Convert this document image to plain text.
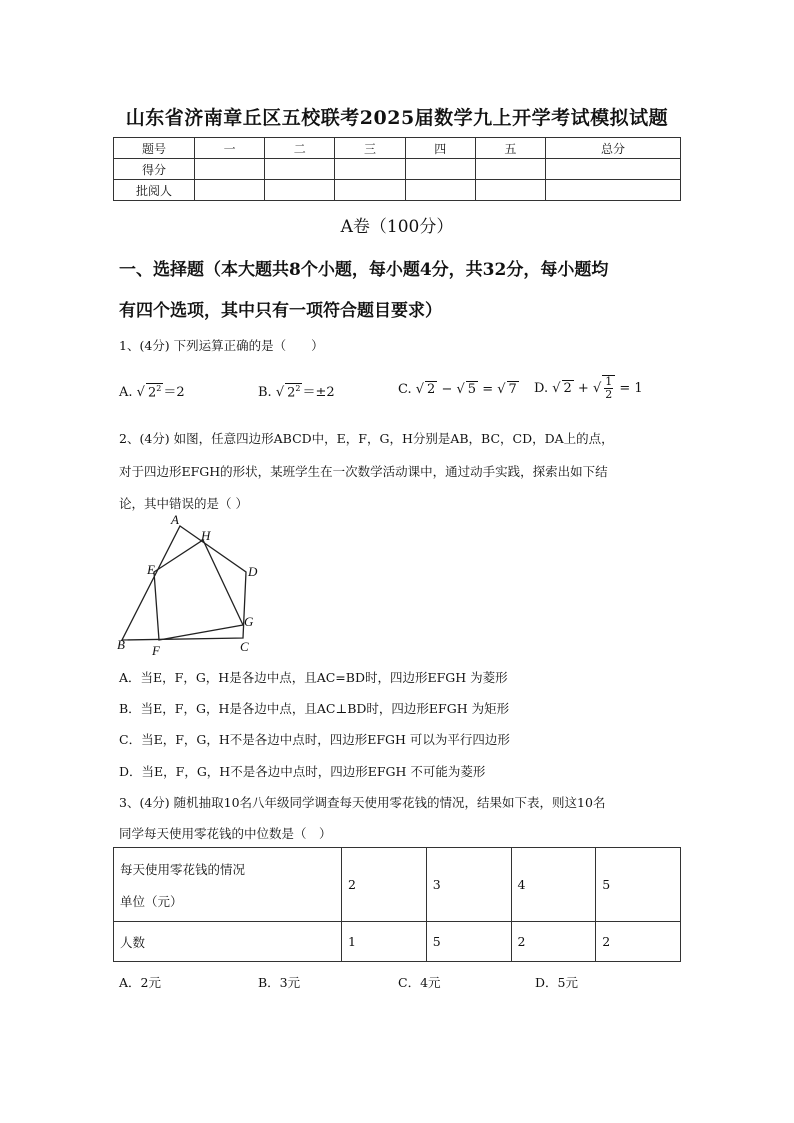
山东省济南章丘区五校联考2025届数学九上开学考试模拟试题
题号	一	二	三	四	五	总分
得分						
批阅人						
A卷（100分）
一、选择题（本大题共8个小题，每小题4分，共32分，每小题均
有四个选项，其中只有一项符合题目要求）
1、(4分) 下列运算正确的是（　　）
A. √ $2^2 =2$	B. √ $2^2 =\pm 2$	C. √ 2 − √ 5 = √ 7 D. √ 2 + √ $\frac{1}{2} = 1$
2、(4分) 如图，任意四边形ABCD中，E，F，G，H分别是AB，BC，CD，DA上的点，
对于四边形EFGH的形状，某班学生在一次数学活动课中，通过动手实践，探索出如下结
论，其中错误的是（ ）
A
H
E	D
G
B F	C
A．当E，F，G，H是各边中点，且AC=BD时，四边形EFGH 为菱形
B．当E，F，G，H是各边中点，且AC⊥BD时，四边形EFGH 为矩形
C．当E，F，G，H不是各边中点时，四边形EFGH 可以为平行四边形
D．当E，F，G，H不是各边中点时，四边形EFGH 不可能为菱形
3、(4分) 随机抽取10名八年级同学调查每天使用零花钱的情况，结果如下表，则这10名
同学每天使用零花钱的中位数是（　）
每天使用零花钱的情况
单位（元）	2	3	4	5
人数	1	5	2	2
A．2元	B．3元	C．4元	D．5元
